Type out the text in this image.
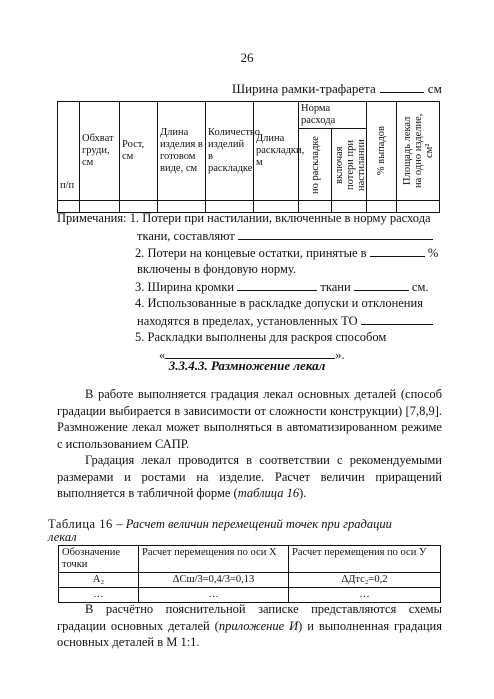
26
Ширина рамки-трафарета	см
п/п	Обхват груди, см	Рост, см	Длина изделия в готовом виде, см	Количество изделий в раскладке	Длина раскладки, м	Норма расхода		% выпадов	Площадь лекал на одно изделие, см²

						но раскладке	включая потери при настилании		

Примечания: 1. Потери при настилании, включенные в норму расхода
ткани, составляют
2. Потери на концевые остатки, принятые в	%
включены в фондовую норму.
3. Ширина кромки	ткани	см.
4. Использованные в раскладке допуски и отклонения
находятся в пределах, установленных ТО
5. Раскладки выполнены для раскроя способом
«	».
3.3.4.3. Размножение лекал
В работе выполняется градация лекал основных деталей (способ градации выбирается в зависимости от сложности конструкции) [7,8,9]. Размножение лекал может выполняться в автоматизированном режиме с использованием САПР.
Градация лекал проводится в соответствии с рекомендуемыми размерами и ростами на изделие. Расчет величин приращений выполняется в табличной форме (таблица 16).
Таблица 16 – Расчет величин перемещений точек при градации
лекал
Обозначение точки	Расчет перемещения по оси X	Расчет перемещения по оси У
А₂	ΔСш/3=0,4/3=0,13	ΔДтс₂=0,2
…	…	…
В расчётно пояснительной записке представляются схемы градации основных деталей (приложение И) и выполненная градация основных деталей в М 1:1.
